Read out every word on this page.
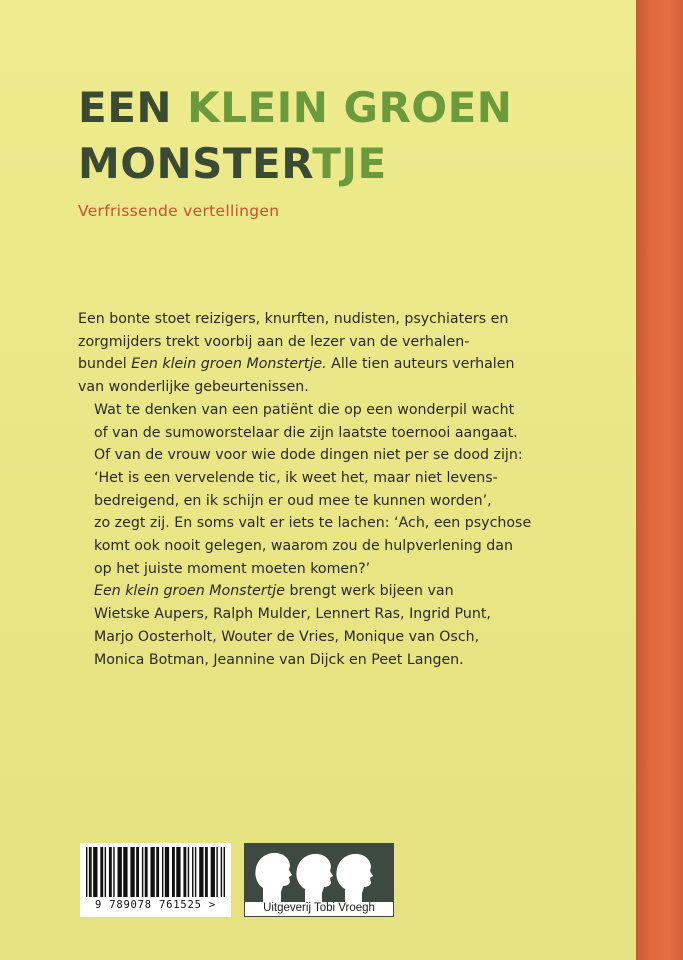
EEN KLEIN GROEN
MONSTERTJE

Verfrissende vertellingen

Een bonte stoet reizigers, knurften, nudisten, psychiaters en
zorgmijders trekt voorbij aan de lezer van de verhalen-
bundel Een klein groen Monstertje. Alle tien auteurs verhalen
van wonderlijke gebeurtenissen.

Wat te denken van een patiënt die op een wonderpil wacht
of van de sumoworstelaar die zijn laatste toernooi aangaat.
Of van de vrouw voor wie dode dingen niet per se dood zijn:
‘Het is een vervelende tic, ik weet het, maar niet levens-
bedreigend, en ik schijn er oud mee te kunnen worden’,
zo zegt zij. En soms valt er iets te lachen: ‘Ach, een psychose
komt ook nooit gelegen, waarom zou de hulpverlening dan
op het juiste moment moeten komen?’

Een klein groen Monstertje brengt werk bijeen van
Wietske Aupers, Ralph Mulder, Lennert Ras, Ingrid Punt,
Marjo Oosterholt, Wouter de Vries, Monique van Osch,
Monica Botman, Jeannine van Dijck en Peet Langen.

9 789078 761525 >	Uitgeverij Tobi Vroegh
